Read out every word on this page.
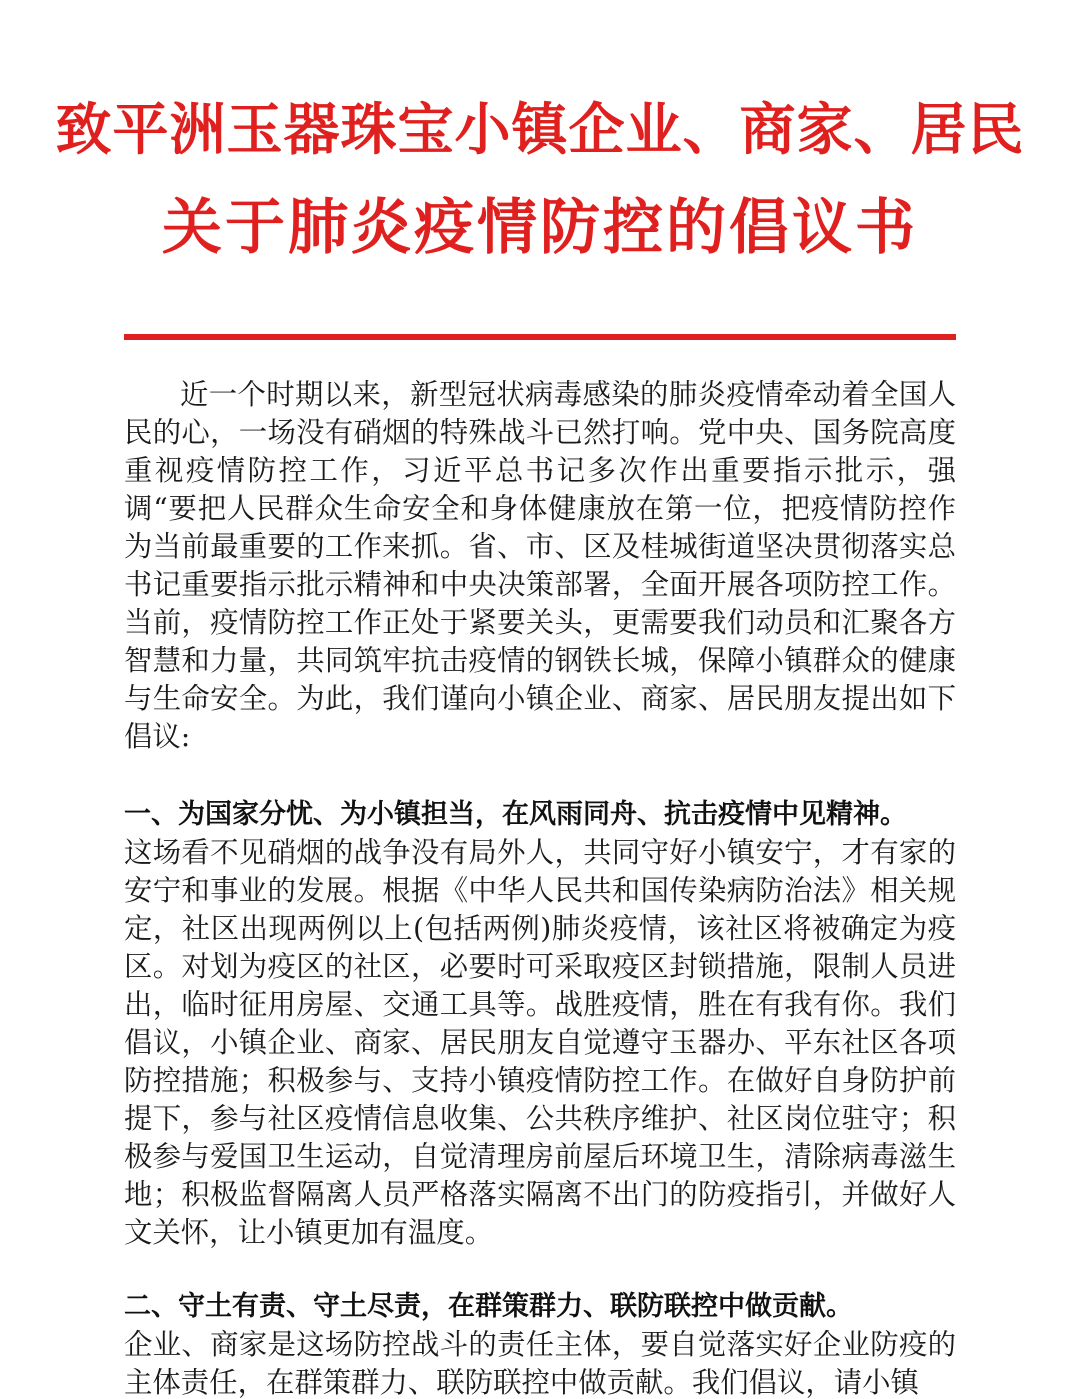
致平洲玉器珠宝小镇企业、商家、居民
关于肺炎疫情防控的倡议书

近一个时期以来，新型冠状病毒感染的肺炎疫情牵动着全国人民的心，一场没有硝烟的特殊战斗已然打响。党中央、国务院高度重视疫情防控工作，习近平总书记多次作出重要指示批示，强调“要把人民群众生命安全和身体健康放在第一位，把疫情防控作为当前最重要的工作来抓。省、市、区及桂城街道坚决贯彻落实总书记重要指示批示精神和中央决策部署，全面开展各项防控工作。当前，疫情防控工作正处于紧要关头，更需要我们动员和汇聚各方智慧和力量，共同筑牢抗击疫情的钢铁长城，保障小镇群众的健康与生命安全。为此，我们谨向小镇企业、商家、居民朋友提出如下倡议:

一、为国家分忧、为小镇担当，在风雨同舟、抗击疫情中见精神。

这场看不见硝烟的战争没有局外人，共同守好小镇安宁，才有家的安宁和事业的发展。根据《中华人民共和国传染病防治法》相关规定，社区出现两例以上(包括两例)肺炎疫情，该社区将被确定为疫区。对划为疫区的社区，必要时可采取疫区封锁措施，限制人员进出，临时征用房屋、交通工具等。战胜疫情，胜在有我有你。我们倡议，小镇企业、商家、居民朋友自觉遵守玉器办、平东社区各项防控措施；积极参与、支持小镇疫情防控工作。在做好自身防护前提下，参与社区疫情信息收集、公共秩序维护、社区岗位驻守；积极参与爱国卫生运动，自觉清理房前屋后环境卫生，清除病毒滋生地；积极监督隔离人员严格落实隔离不出门的防疫指引，并做好人文关怀，让小镇更加有温度。

二、守土有责、守土尽责，在群策群力、联防联控中做贡献。

企业、商家是这场防控战斗的责任主体，要自觉落实好企业防疫的主体责任，在群策群力、联防联控中做贡献。我们倡议，请小镇
